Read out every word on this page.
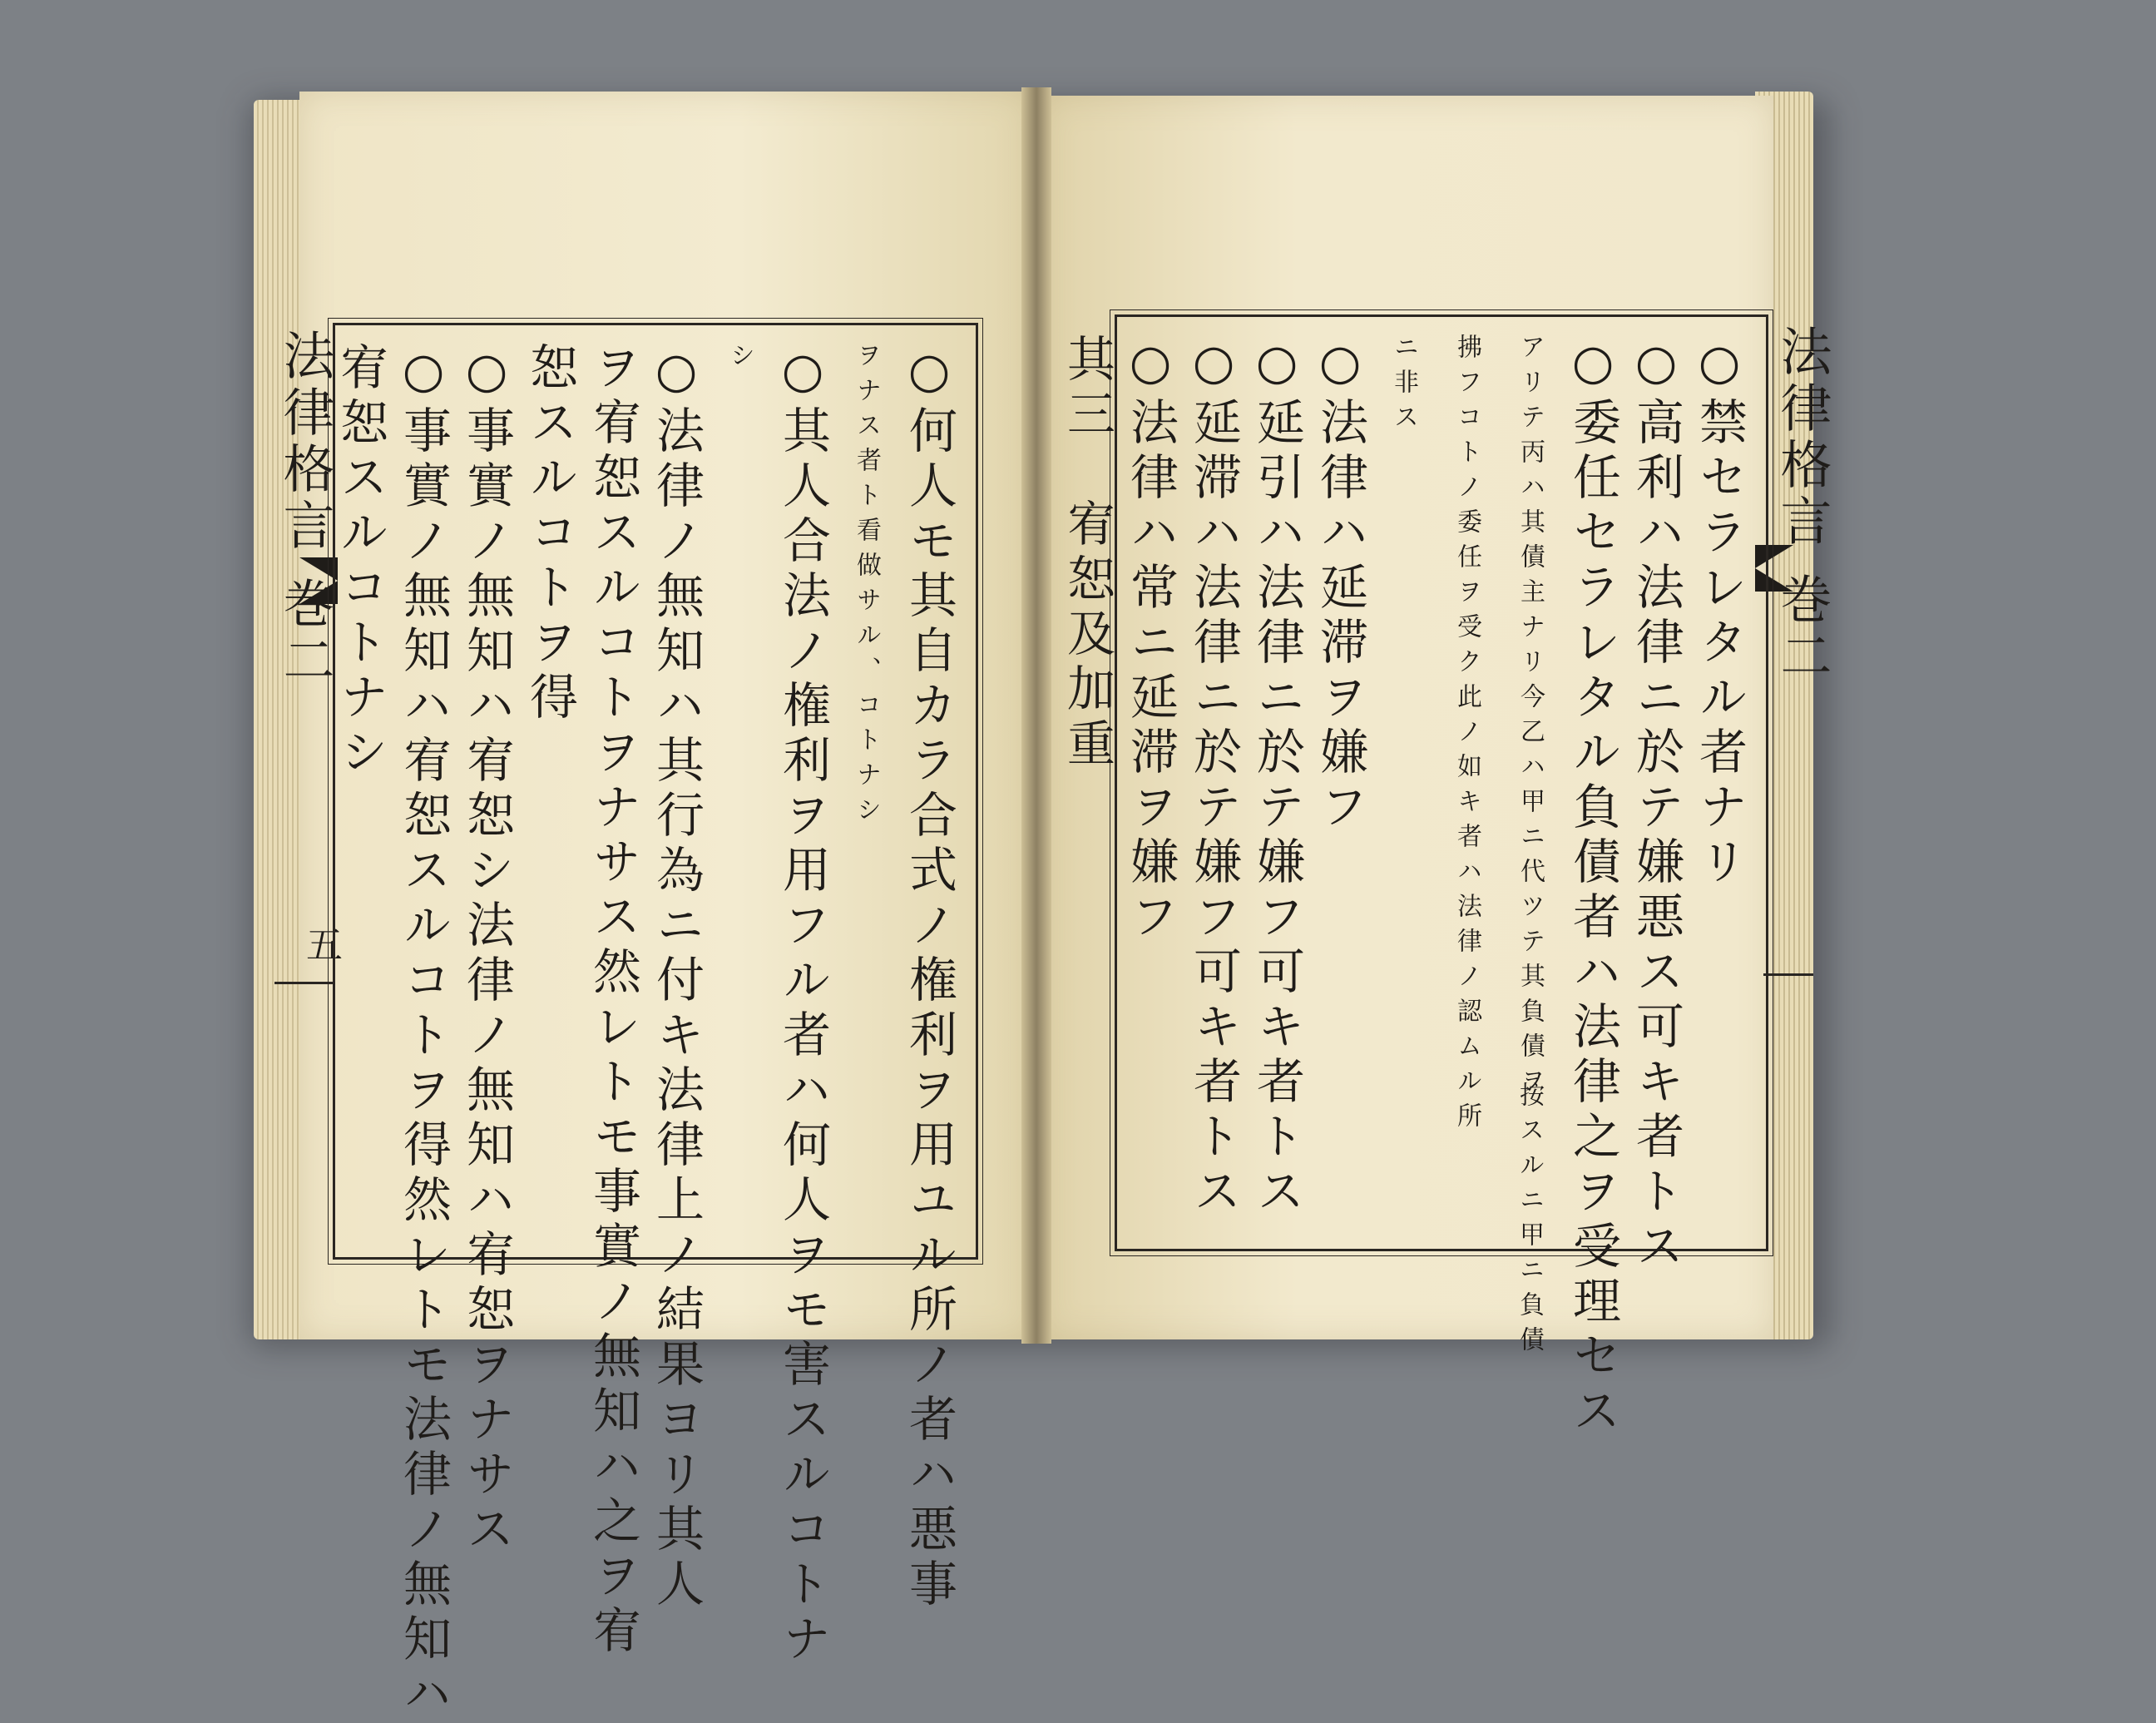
法律格言 巻二
五
法律格言 巻二
○何人モ其自カラ合式ノ権利ヲ用ユル所ノ者ハ悪事
ヲナス者ト看做サル、コトナシ
○其人合法ノ権利ヲ用フル者ハ何人ヲモ害スルコトナ
シ
○法律ノ無知ハ其行為ニ付キ法律上ノ結果ヨリ其人
ヲ宥恕スルコトヲナサス然レトモ事實ノ無知ハ之ヲ宥
恕スルコトヲ得
○事實ノ無知ハ宥恕シ法律ノ無知ハ宥恕ヲナサス
○事實ノ無知ハ宥恕スルコトヲ得然レトモ法律ノ無知ハ
宥恕スルコトナシ	○禁セラレタル者ナリ
○高利ハ法律ニ於テ嫌悪ス可キ者トス
○委任セラレタル負債者ハ法律之ヲ受理セス
アリテ丙ハ其債主ナリ今乙ハ甲ニ代ツテ其負債ヲ
拂フコトノ委任ヲ受ク此ノ如キ者ハ法律ノ認ムル所
ニ非ス
○法律ハ延滞ヲ嫌フ
○延引ハ法律ニ於テ嫌フ可キ者トス
○延滞ハ法律ニ於テ嫌フ可キ者トス
○法律ハ常ニ延滞ヲ嫌フ
其三　宥恕及加重
按スルニ甲ニ負債
